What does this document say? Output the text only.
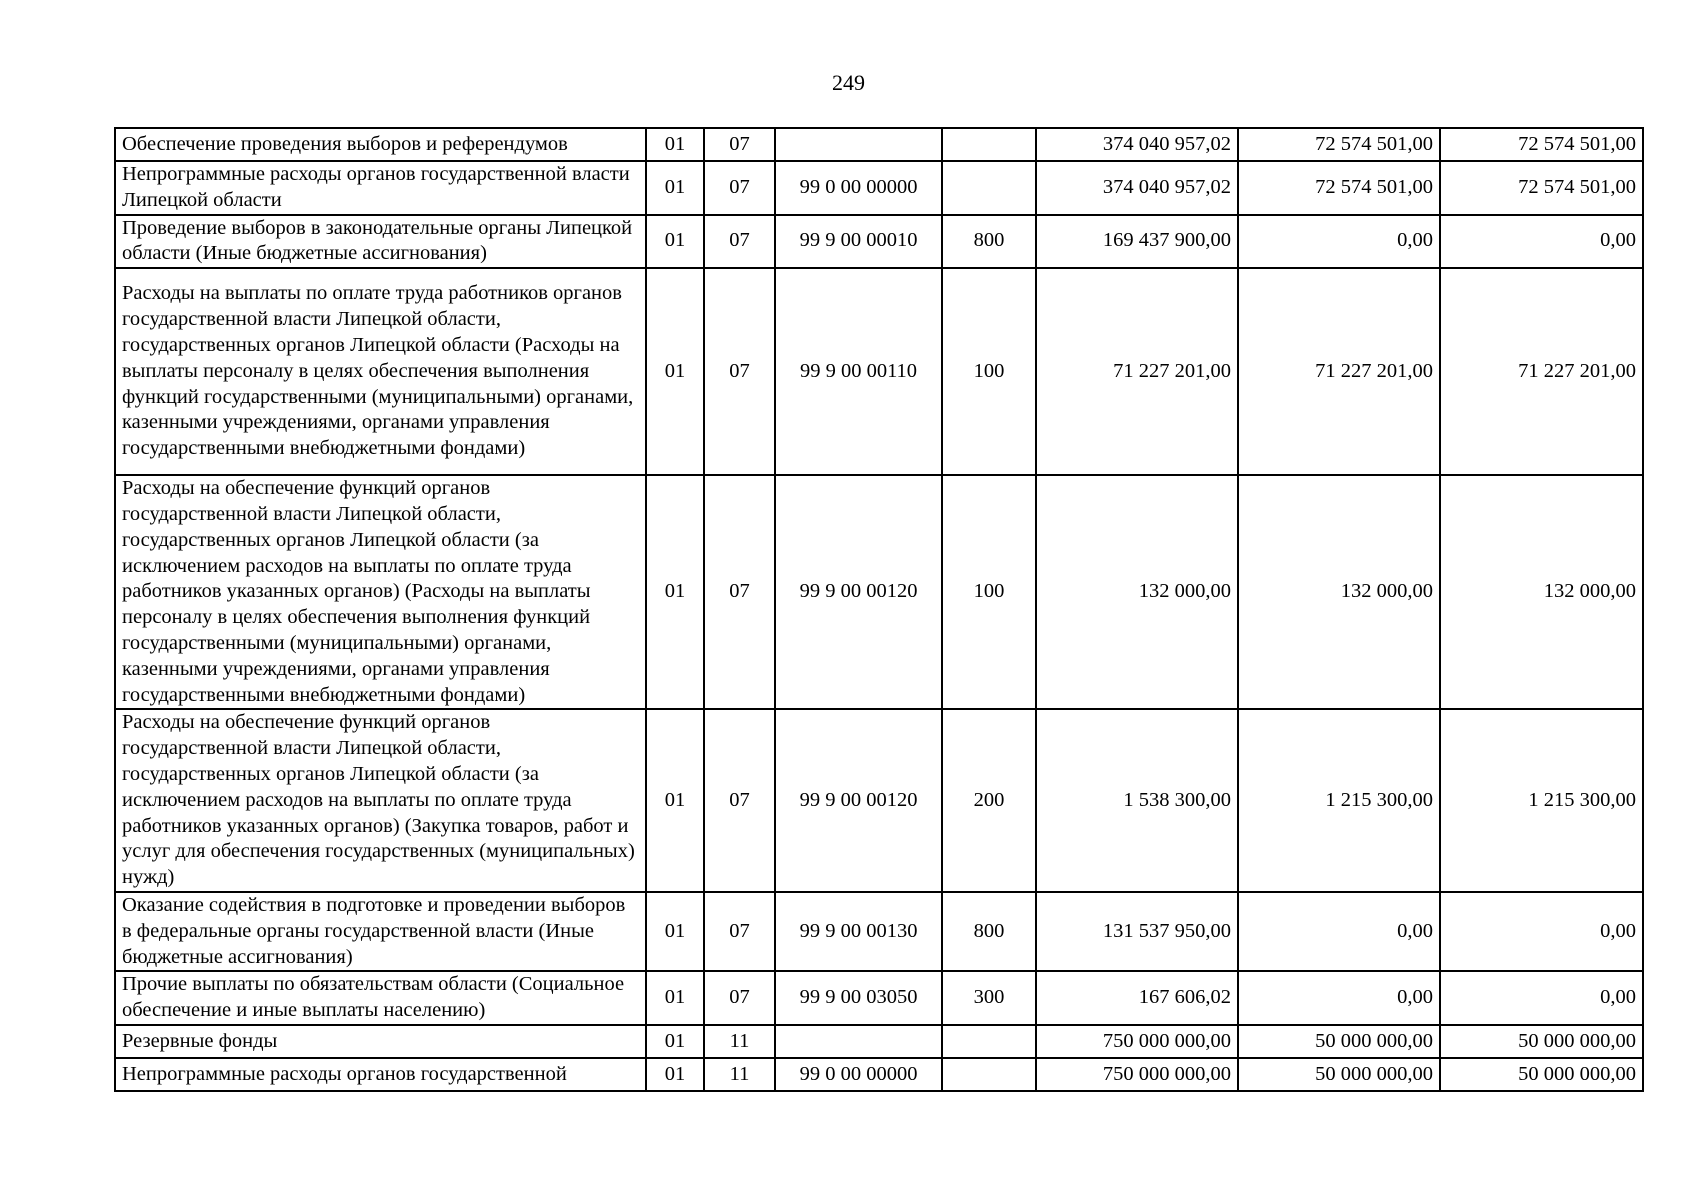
249
Обеспечение проведения выборов и референдумов	01	07			374 040 957,02	72 574 501,00	72 574 501,00
Непрограммные расходы органов государственной власти Липецкой области	01	07	99 0 00 00000		374 040 957,02	72 574 501,00	72 574 501,00
Проведение выборов в законодательные органы Липецкой области (Иные бюджетные ассигнования)	01	07	99 9 00 00010	800	169 437 900,00	0,00	0,00
Расходы на выплаты по оплате труда работников органов государственной власти Липецкой области, государственных органов Липецкой области (Расходы на выплаты персоналу в целях обеспечения выполнения функций государственными (муниципальными) органами, казенными учреждениями, органами управления государственными внебюджетными фондами)	01	07	99 9 00 00110	100	71 227 201,00	71 227 201,00	71 227 201,00
Расходы на обеспечение функций органов государственной власти Липецкой области, государственных органов Липецкой области (за исключением расходов на выплаты по оплате труда работников указанных органов) (Расходы на выплаты персоналу в целях обеспечения выполнения функций государственными (муниципальными) органами, казенными учреждениями, органами управления государственными внебюджетными фондами)	01	07	99 9 00 00120	100	132 000,00	132 000,00	132 000,00
Расходы на обеспечение функций органов государственной власти Липецкой области, государственных органов Липецкой области (за исключением расходов на выплаты по оплате труда работников указанных органов) (Закупка товаров, работ и услуг для обеспечения государственных (муниципальных) нужд)	01	07	99 9 00 00120	200	1 538 300,00	1 215 300,00	1 215 300,00
Оказание содействия в подготовке и проведении выборов в федеральные органы государственной власти (Иные бюджетные ассигнования)	01	07	99 9 00 00130	800	131 537 950,00	0,00	0,00
Прочие выплаты по обязательствам области (Социальное обеспечение и иные выплаты населению)	01	07	99 9 00 03050	300	167 606,02	0,00	0,00
Резервные фонды	01	11			750 000 000,00	50 000 000,00	50 000 000,00
Непрограммные расходы органов государственной	01	11	99 0 00 00000		750 000 000,00	50 000 000,00	50 000 000,00
